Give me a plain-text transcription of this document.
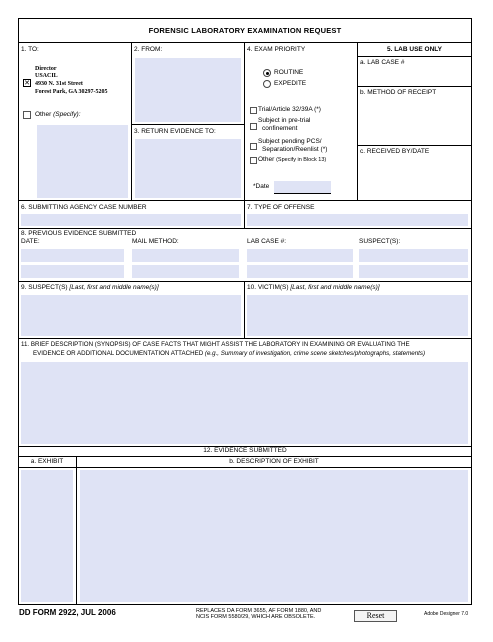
FORENSIC LABORATORY EXAMINATION REQUEST
1. TO:
Director
✕
USACIL
4930 N. 31st Street
Forest Park, GA 30297-5205
Other (Specify):
2. FROM:
3. RETURN EVIDENCE TO:
4. EXAM PRIORITY
ROUTINE
EXPEDITE
Trial/Article 32/39A (*)
Subject in pre-trial
confinement
Subject pending PCS/
Separation/Reenlist (*)
Other (Specify in Block 13)
*Date
5. LAB USE ONLY
a. LAB CASE #
b. METHOD OF RECEIPT
c. RECEIVED BY/DATE
6. SUBMITTING AGENCY CASE NUMBER	7. TYPE OF OFFENSE
8. PREVIOUS EVIDENCE SUBMITTED
DATE:	MAIL METHOD:	LAB CASE #:	SUSPECT(S):
9. SUSPECT(S) [Last, first and middle name(s)]	10. VICTIM(S) [Last, first and middle name(s)]
11. BRIEF DESCRIPTION (SYNOPSIS) OF CASE FACTS THAT MIGHT ASSIST THE LABORATORY IN EXAMINING OR EVALUATING THE
EVIDENCE OR ADDITIONAL DOCUMENTATION ATTACHED (e.g., Summary of investigation, crime scene sketches/photographs, statements)
12. EVIDENCE SUBMITTED
a. EXHIBIT	b. DESCRIPTION OF EXHIBIT
DD FORM 2922, JUL 2006	REPLACES DA FORM 3655, AF FORM 1880, AND
NCIS FORM 5580/29, WHICH ARE OBSOLETE.	Reset	Adobe Designer 7.0
